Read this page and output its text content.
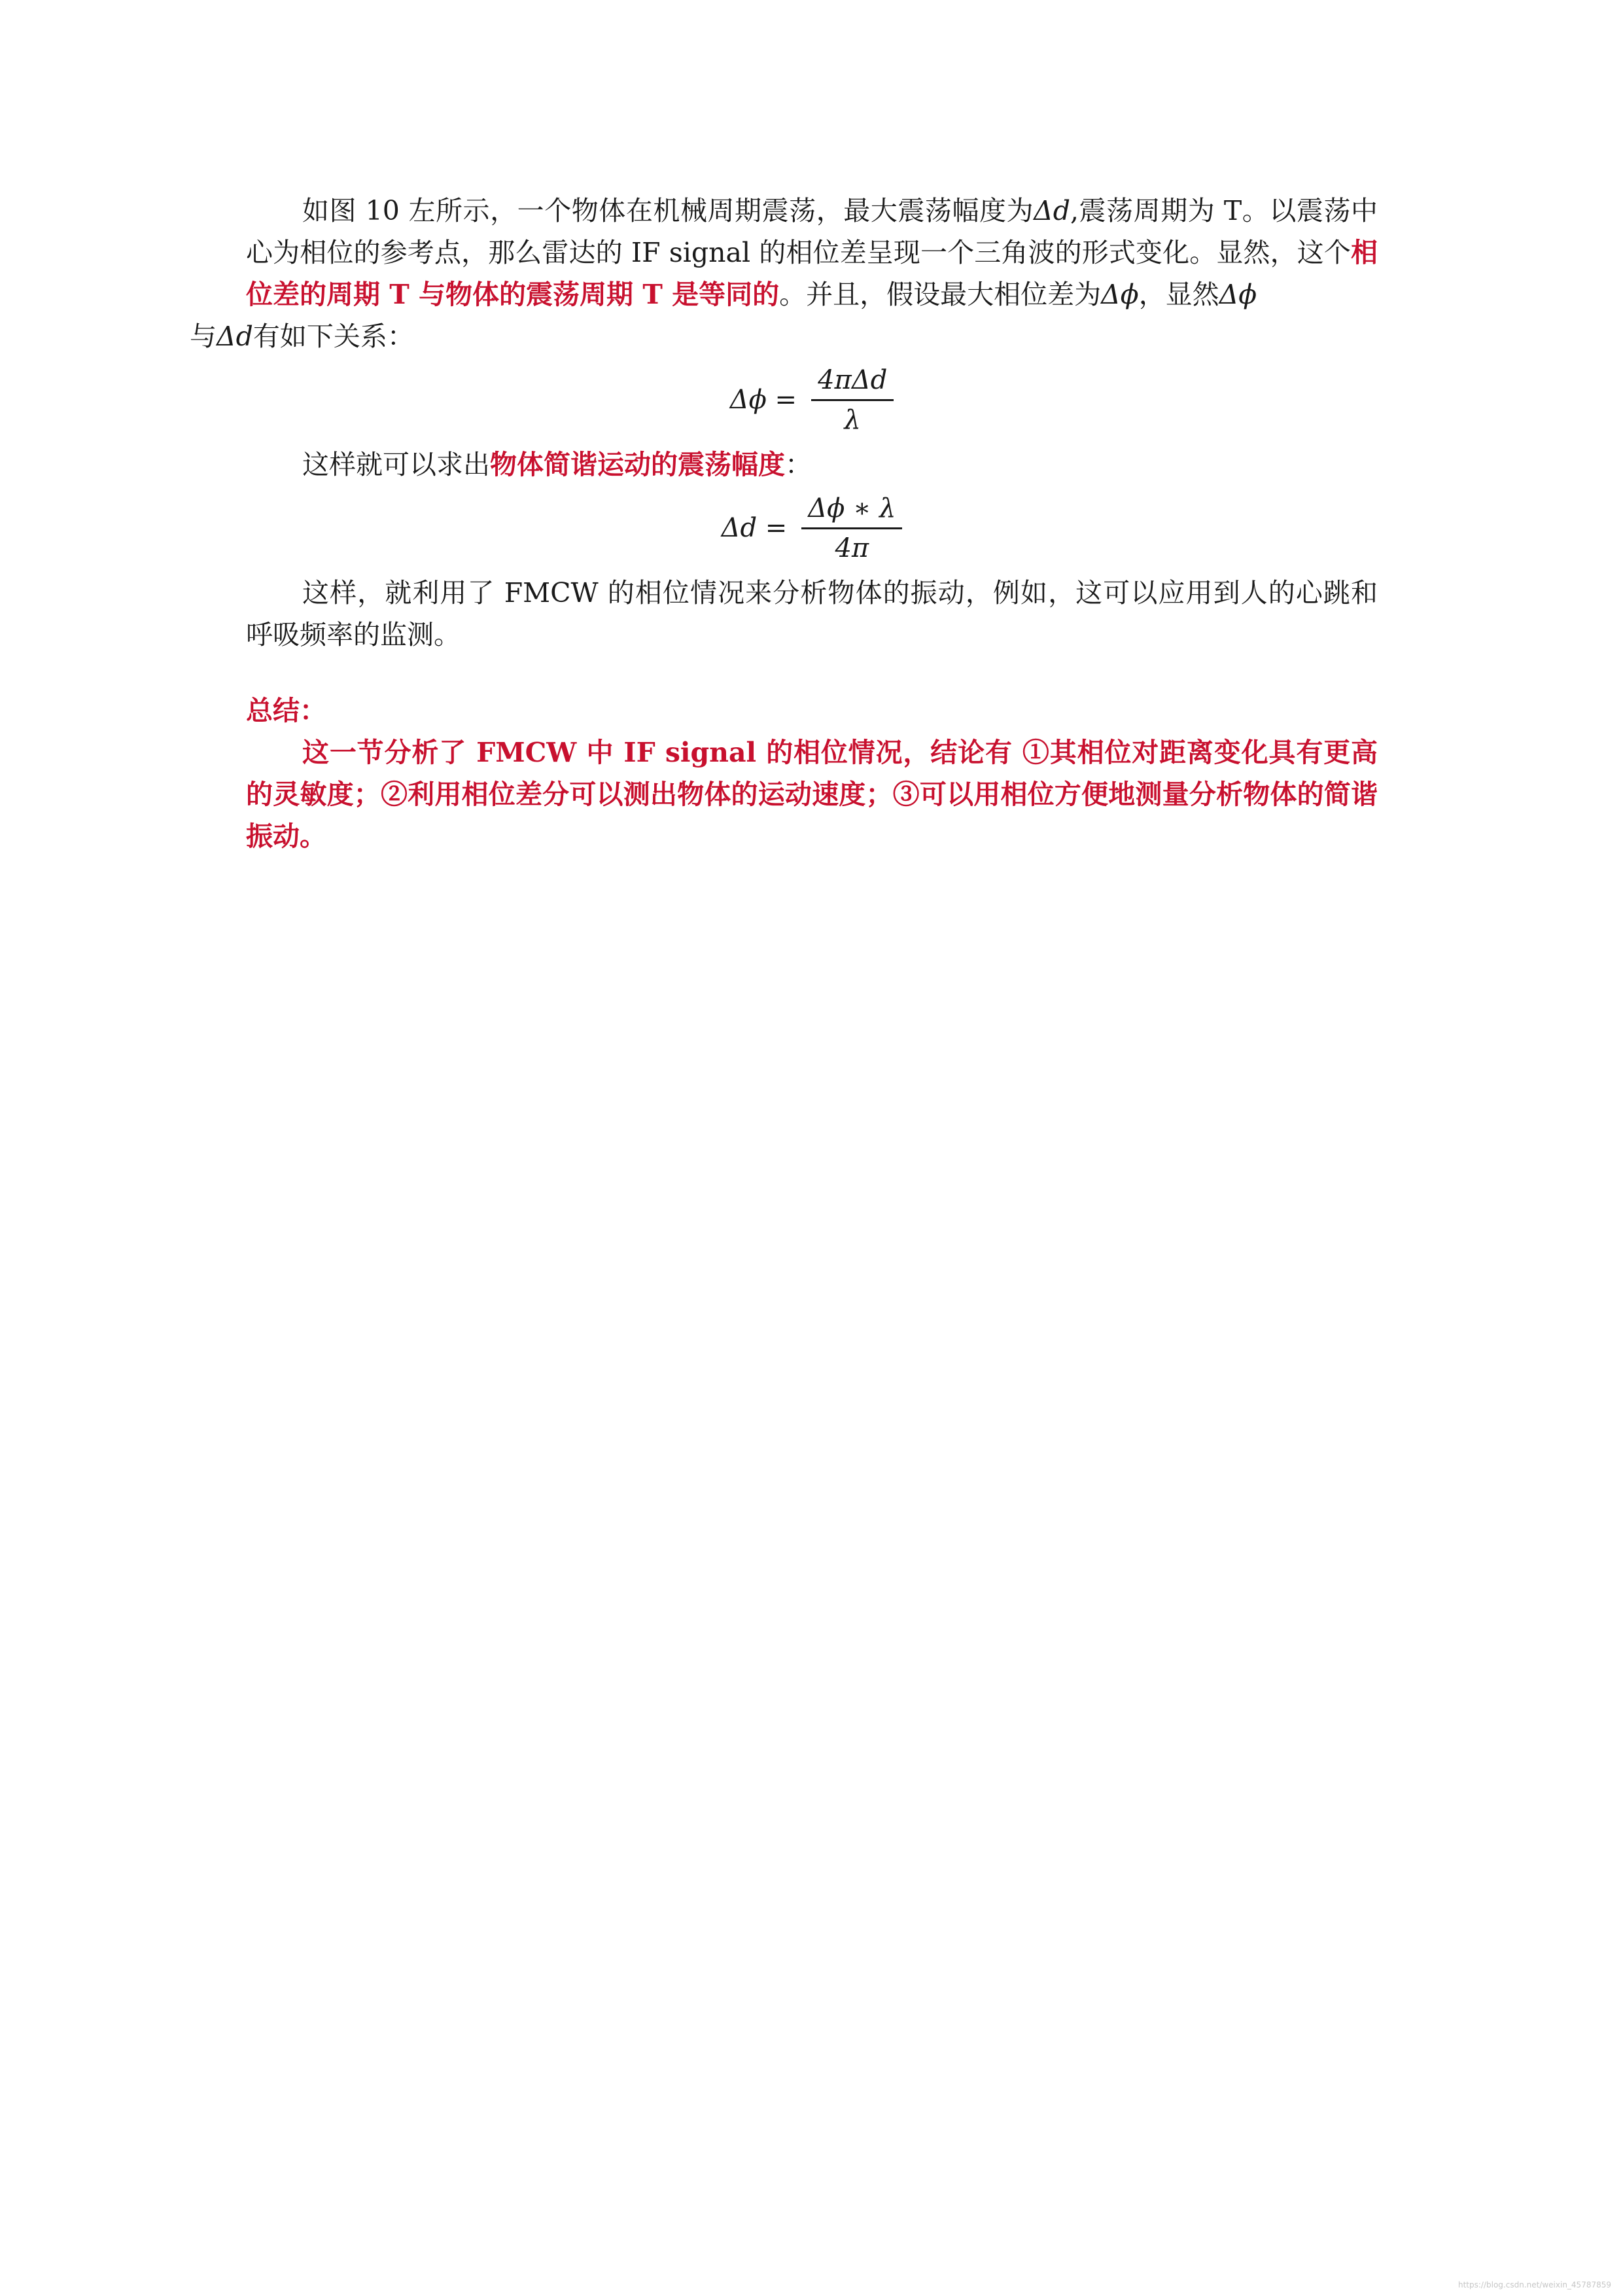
如图 10 左所示，一个物体在机械周期震荡，最大震荡幅度为Δd,震荡周期为 T。以震荡中心为相位的参考点，那么雷达的 IF signal 的相位差呈现一个三角波的形式变化。显然，这个相位差的周期 T 与物体的震荡周期 T 是等同的。并且，假设最大相位差为Δϕ，显然Δϕ
与Δd有如下关系：

$\Delta\phi = \frac{\text{4πΔd}}{\lambda}$

这样就可以求出物体简谐运动的震荡幅度：

$\Delta d = \frac{\Delta\phi ∗ \lambda}{4\pi}$

这样，就利用了 FMCW 的相位情况来分析物体的振动，例如，这可以应用到人的心跳和呼吸频率的监测。

总结：

这一节分析了 FMCW 中 IF signal 的相位情况，结论有 ①其相位对距离变化具有更高的灵敏度；②利用相位差分可以测出物体的运动速度；③可以用相位方便地测量分析物体的简谐振动。

https://blog.csdn.net/weixin_45787859
